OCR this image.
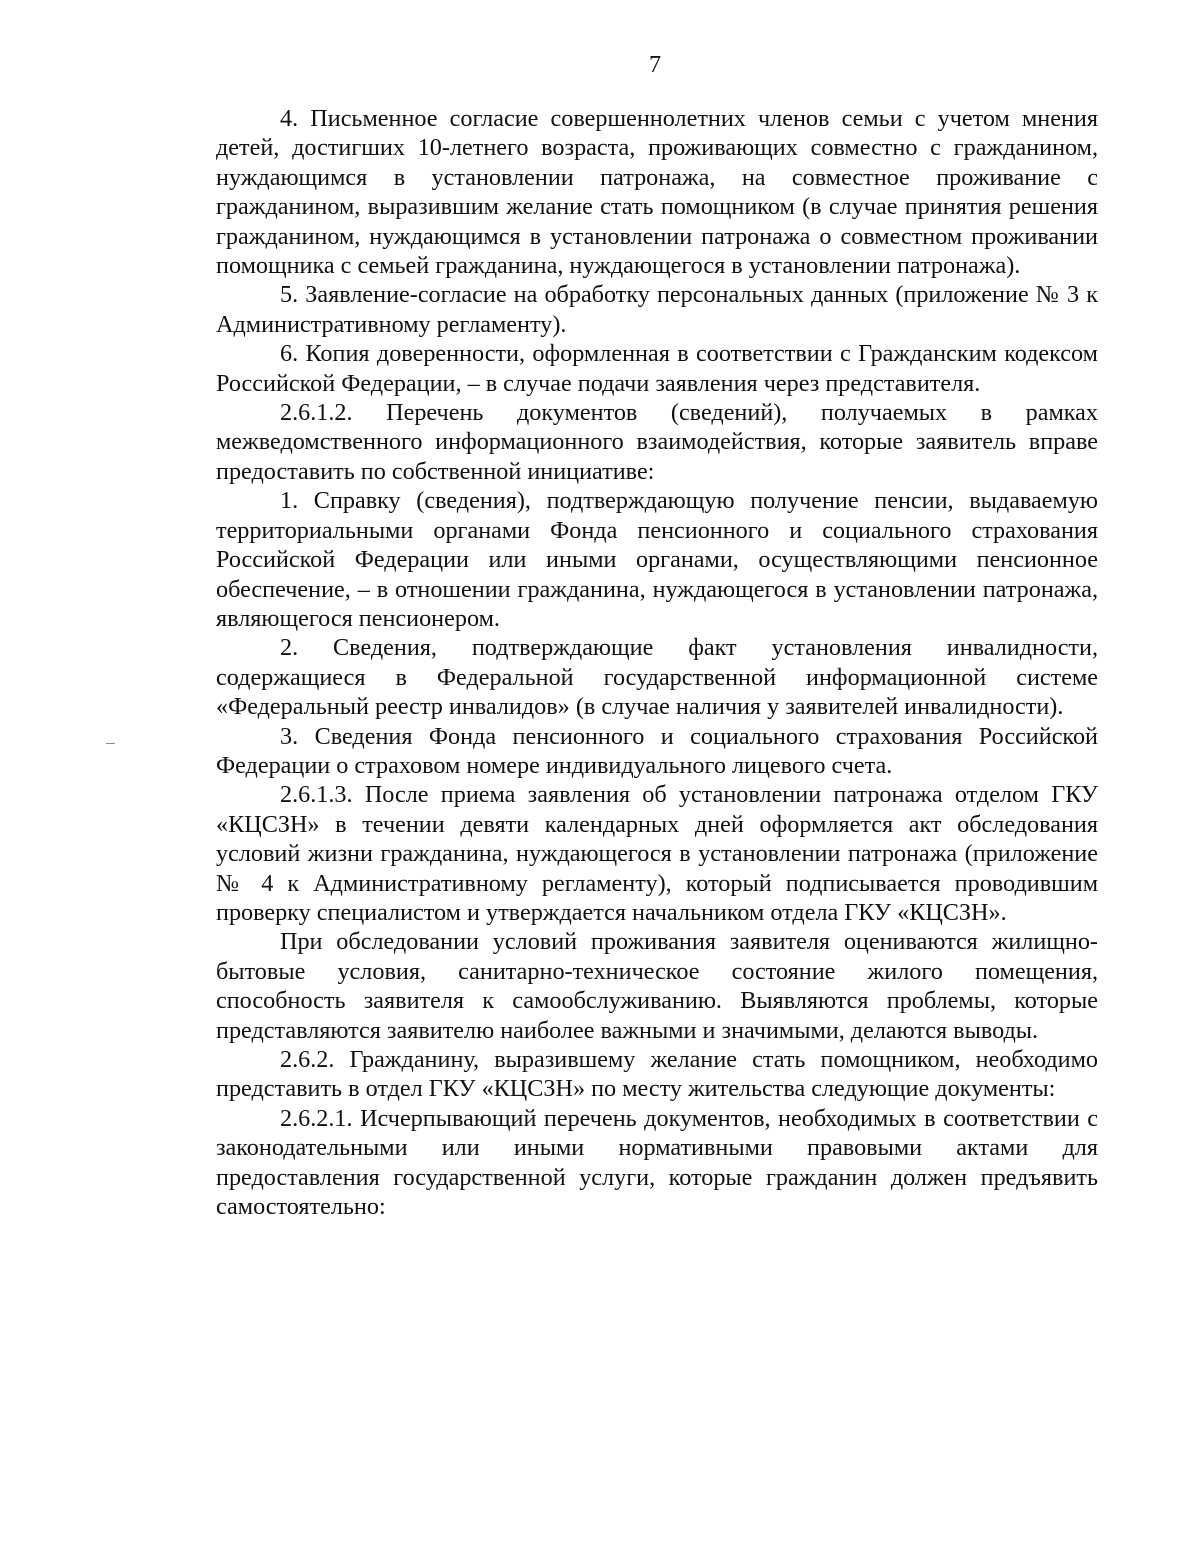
7

4. Письменное согласие совершеннолетних членов семьи с учетом мнения детей, достигших 10-летнего возраста, проживающих совместно с гражданином, нуждающимся в установлении патронажа, на совместное проживание с гражданином, выразившим желание стать помощником (в случае принятия решения гражданином, нуждающимся в установлении патронажа о совместном проживании помощника с семьей гражданина, нуждающегося в установлении патронажа).

5. Заявление-согласие на обработку персональных данных (приложение № 3 к Административному регламенту).

6. Копия доверенности, оформленная в соответствии с Гражданским кодексом Российской Федерации, – в случае подачи заявления через представителя.

2.6.1.2. Перечень документов (сведений), получаемых в рамках межведомственного информационного взаимодействия, которые заявитель вправе предоставить по собственной инициативе:

1. Справку (сведения), подтверждающую получение пенсии, выдаваемую территориальными органами Фонда пенсионного и социального страхования Российской Федерации или иными органами, осуществляющими пенсионное обеспечение, – в отношении гражданина, нуждающегося в установлении патронажа, являющегося пенсионером.

2. Сведения, подтверждающие факт установления инвалидности, содержащиеся в Федеральной государственной информационной системе «Федеральный реестр инвалидов» (в случае наличия у заявителей инвалидности).

3. Сведения Фонда пенсионного и социального страхования Российской Федерации о страховом номере индивидуального лицевого счета.

2.6.1.3. После приема заявления об установлении патронажа отделом ГКУ «КЦСЗН» в течении девяти календарных дней оформляется акт обследования условий жизни гражданина, нуждающегося в установлении патронажа (приложение № 4 к Административному регламенту), который подписывается проводившим проверку специалистом и утверждается начальником отдела ГКУ «КЦСЗН».

При обследовании условий проживания заявителя оцениваются жилищно-бытовые условия, санитарно-техническое состояние жилого помещения, способность заявителя к самообслуживанию. Выявляются проблемы, которые представляются заявителю наиболее важными и значимыми, делаются выводы.

2.6.2. Гражданину, выразившему желание стать помощником, необходимо представить в отдел ГКУ «КЦСЗН» по месту жительства следующие документы:

2.6.2.1. Исчерпывающий перечень документов, необходимых в соответствии с законодательными или иными нормативными правовыми актами для предоставления государственной услуги, которые гражданин должен предъявить самостоятельно:
